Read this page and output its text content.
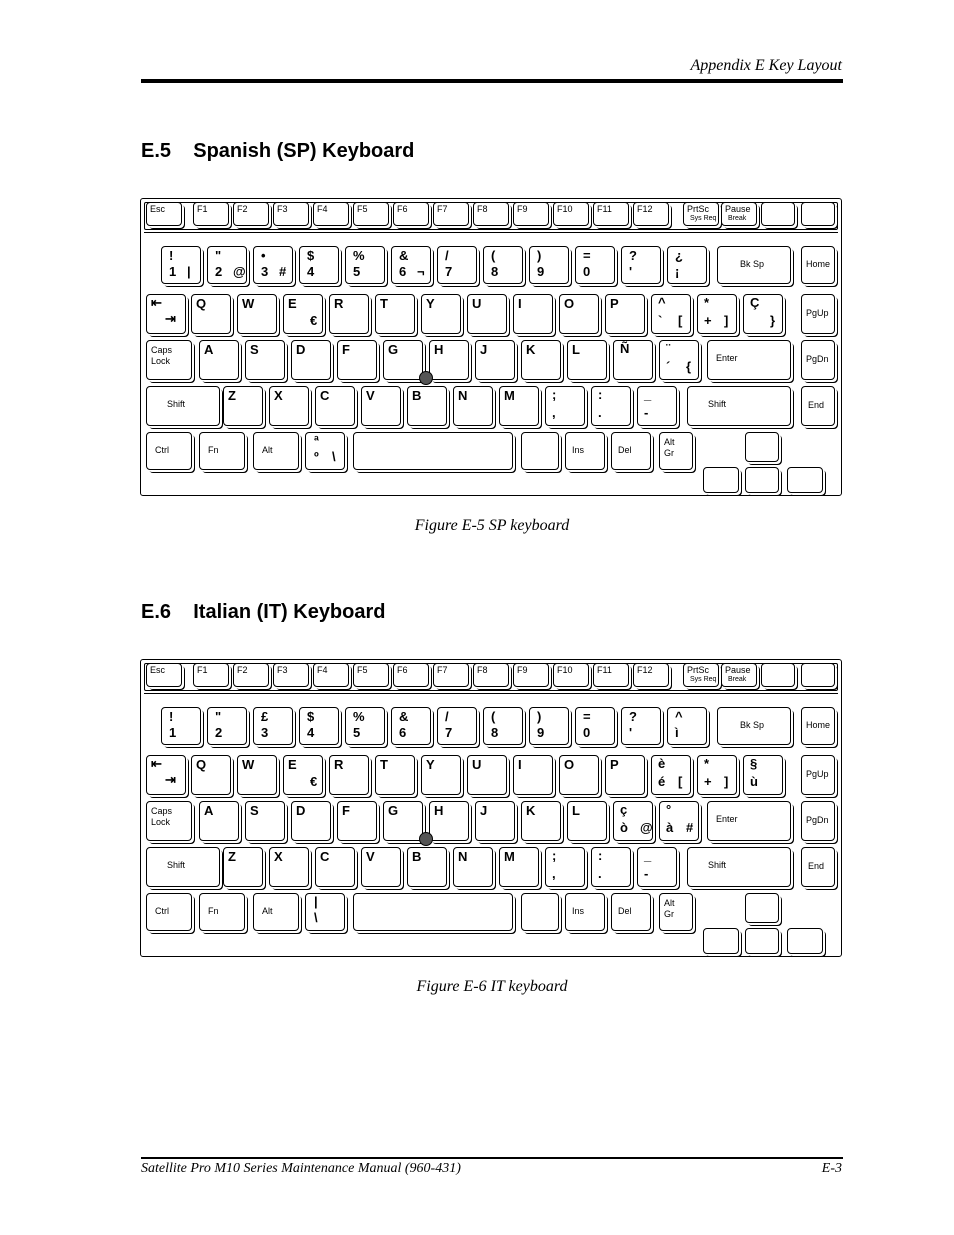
Appendix E Key Layout
E.5    Spanish (SP) Keyboard
Esc	F1	F2	F3	F4	F5	F6	F7	F8	F9	F10	F11	F12	PrtSc
Sys Req
Pause
Break
!
1 |
"
2 @
•
3 #
$
4
%
5
&
6 ¬
/
7
(
8
)
9
=
0
?
'
¿
¡	Bk Sp	Home
⇤
⇥
Q	W	E
€
R	T	Y	U	I	O	P	^
` [
*
+ ]
Ç
}	PgUp
Caps
Lock
A	S	D	F	G	H	J	K	L	Ñ	¨
´ {
Enter	PgDn
Shift
Z	X	C	V	B	N	M	;
,
:
.
_
-
Shift	End
Ctrl	Fn	Alt
ª
º \	Ins	Del
Alt
Gr
Figure E-5 SP keyboard
E.6    Italian (IT) Keyboard
Esc	F1	F2	F3	F4	F5	F6	F7	F8	F9	F10	F11	F12	PrtSc
Sys Req
Pause
Break
!
1
"
2
£
3
$
4
%
5
&
6
/
7
(
8
)
9
=
0
?
'
^
ì	Bk Sp	Home
⇤
⇥
Q	W	E
€
R	T	Y	U	I	O	P	è
é [
*
+ ]
§
ù	PgUp
Caps
Lock
A	S	D	F	G	H	J	K	L	ç
ò @
°
à #
Enter	PgDn
Shift
Z	X	C	V	B	N	M	;
,
:
.
_
-
Shift	End
Ctrl	Fn	Alt
|
\	Ins	Del
Alt
Gr
Figure E-6 IT keyboard
Satellite Pro M10 Series Maintenance Manual (960-431)	E-3
